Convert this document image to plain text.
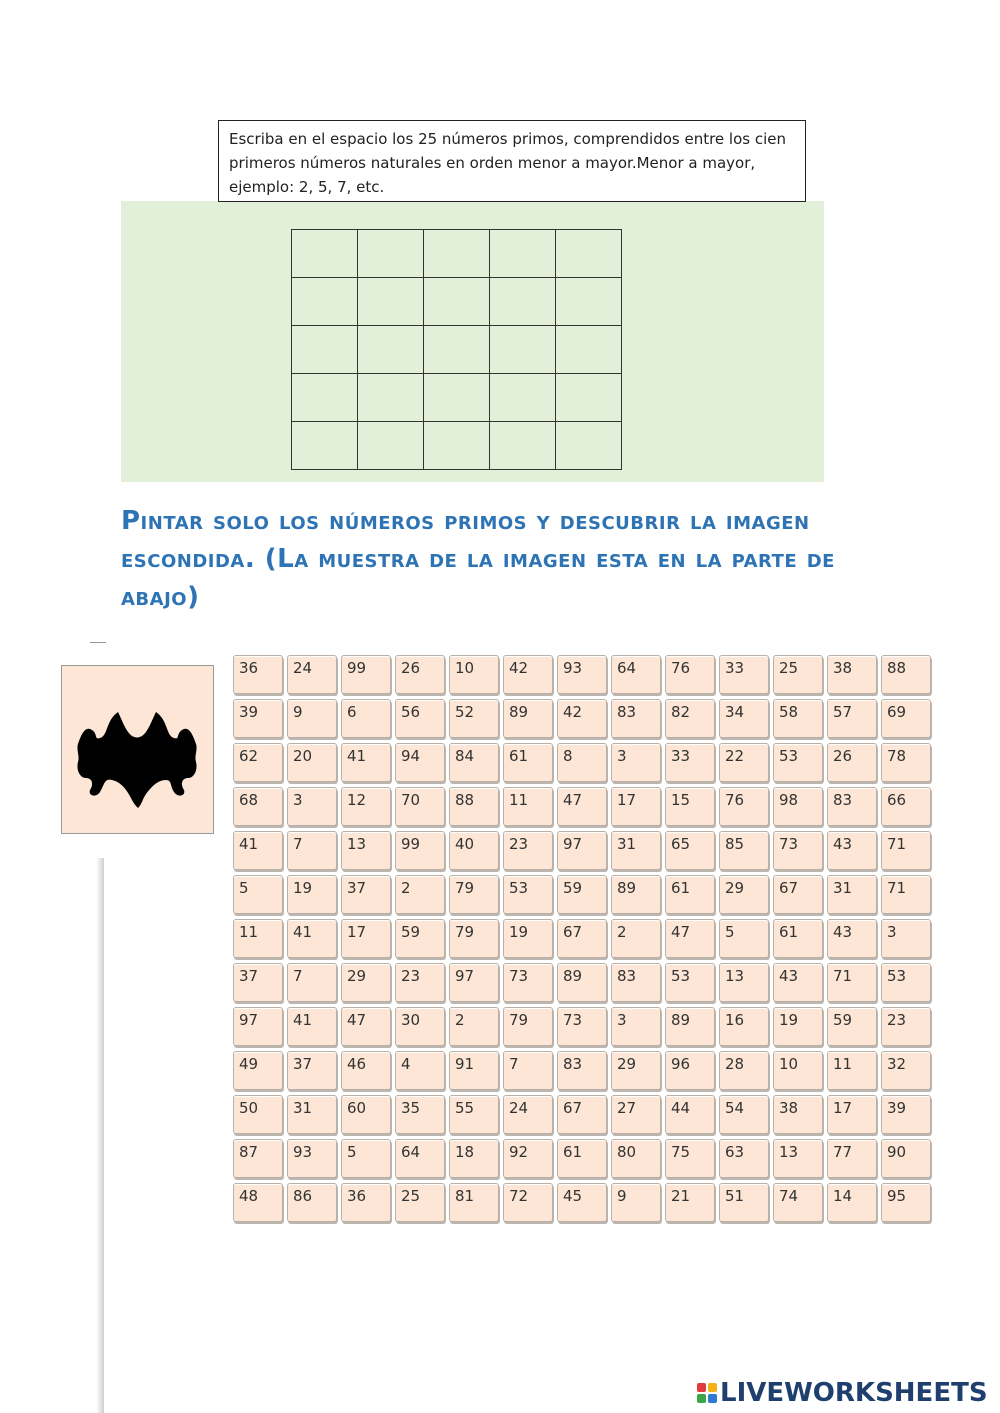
Escriba en el espacio los 25 números primos, comprendidos entre los cien primeros números naturales en orden menor a mayor.Menor a mayor, ejemplo: 2, 5, 7, etc.
Pintar solo los números primos y descubrir la imagen escondida. (La muestra de la imagen esta en la parte de abajo)
36	24	99	26	10	42	93	64	76	33	25	38	88
39	9	6	56	52	89	42	83	82	34	58	57	69
62	20	41	94	84	61	8	3	33	22	53	26	78
68	3	12	70	88	11	47	17	15	76	98	83	66
41	7	13	99	40	23	97	31	65	85	73	43	71
5	19	37	2	79	53	59	89	61	29	67	31	71
11	41	17	59	79	19	67	2	47	5	61	43	3
37	7	29	23	97	73	89	83	53	13	43	71	53
97	41	47	30	2	79	73	3	89	16	19	59	23
49	37	46	4	91	7	83	29	96	28	10	11	32
50	31	60	35	55	24	67	27	44	54	38	17	39
87	93	5	64	18	92	61	80	75	63	13	77	90
48	86	36	25	81	72	45	9	21	51	74	14	95
LIVEWORKSHEETS
